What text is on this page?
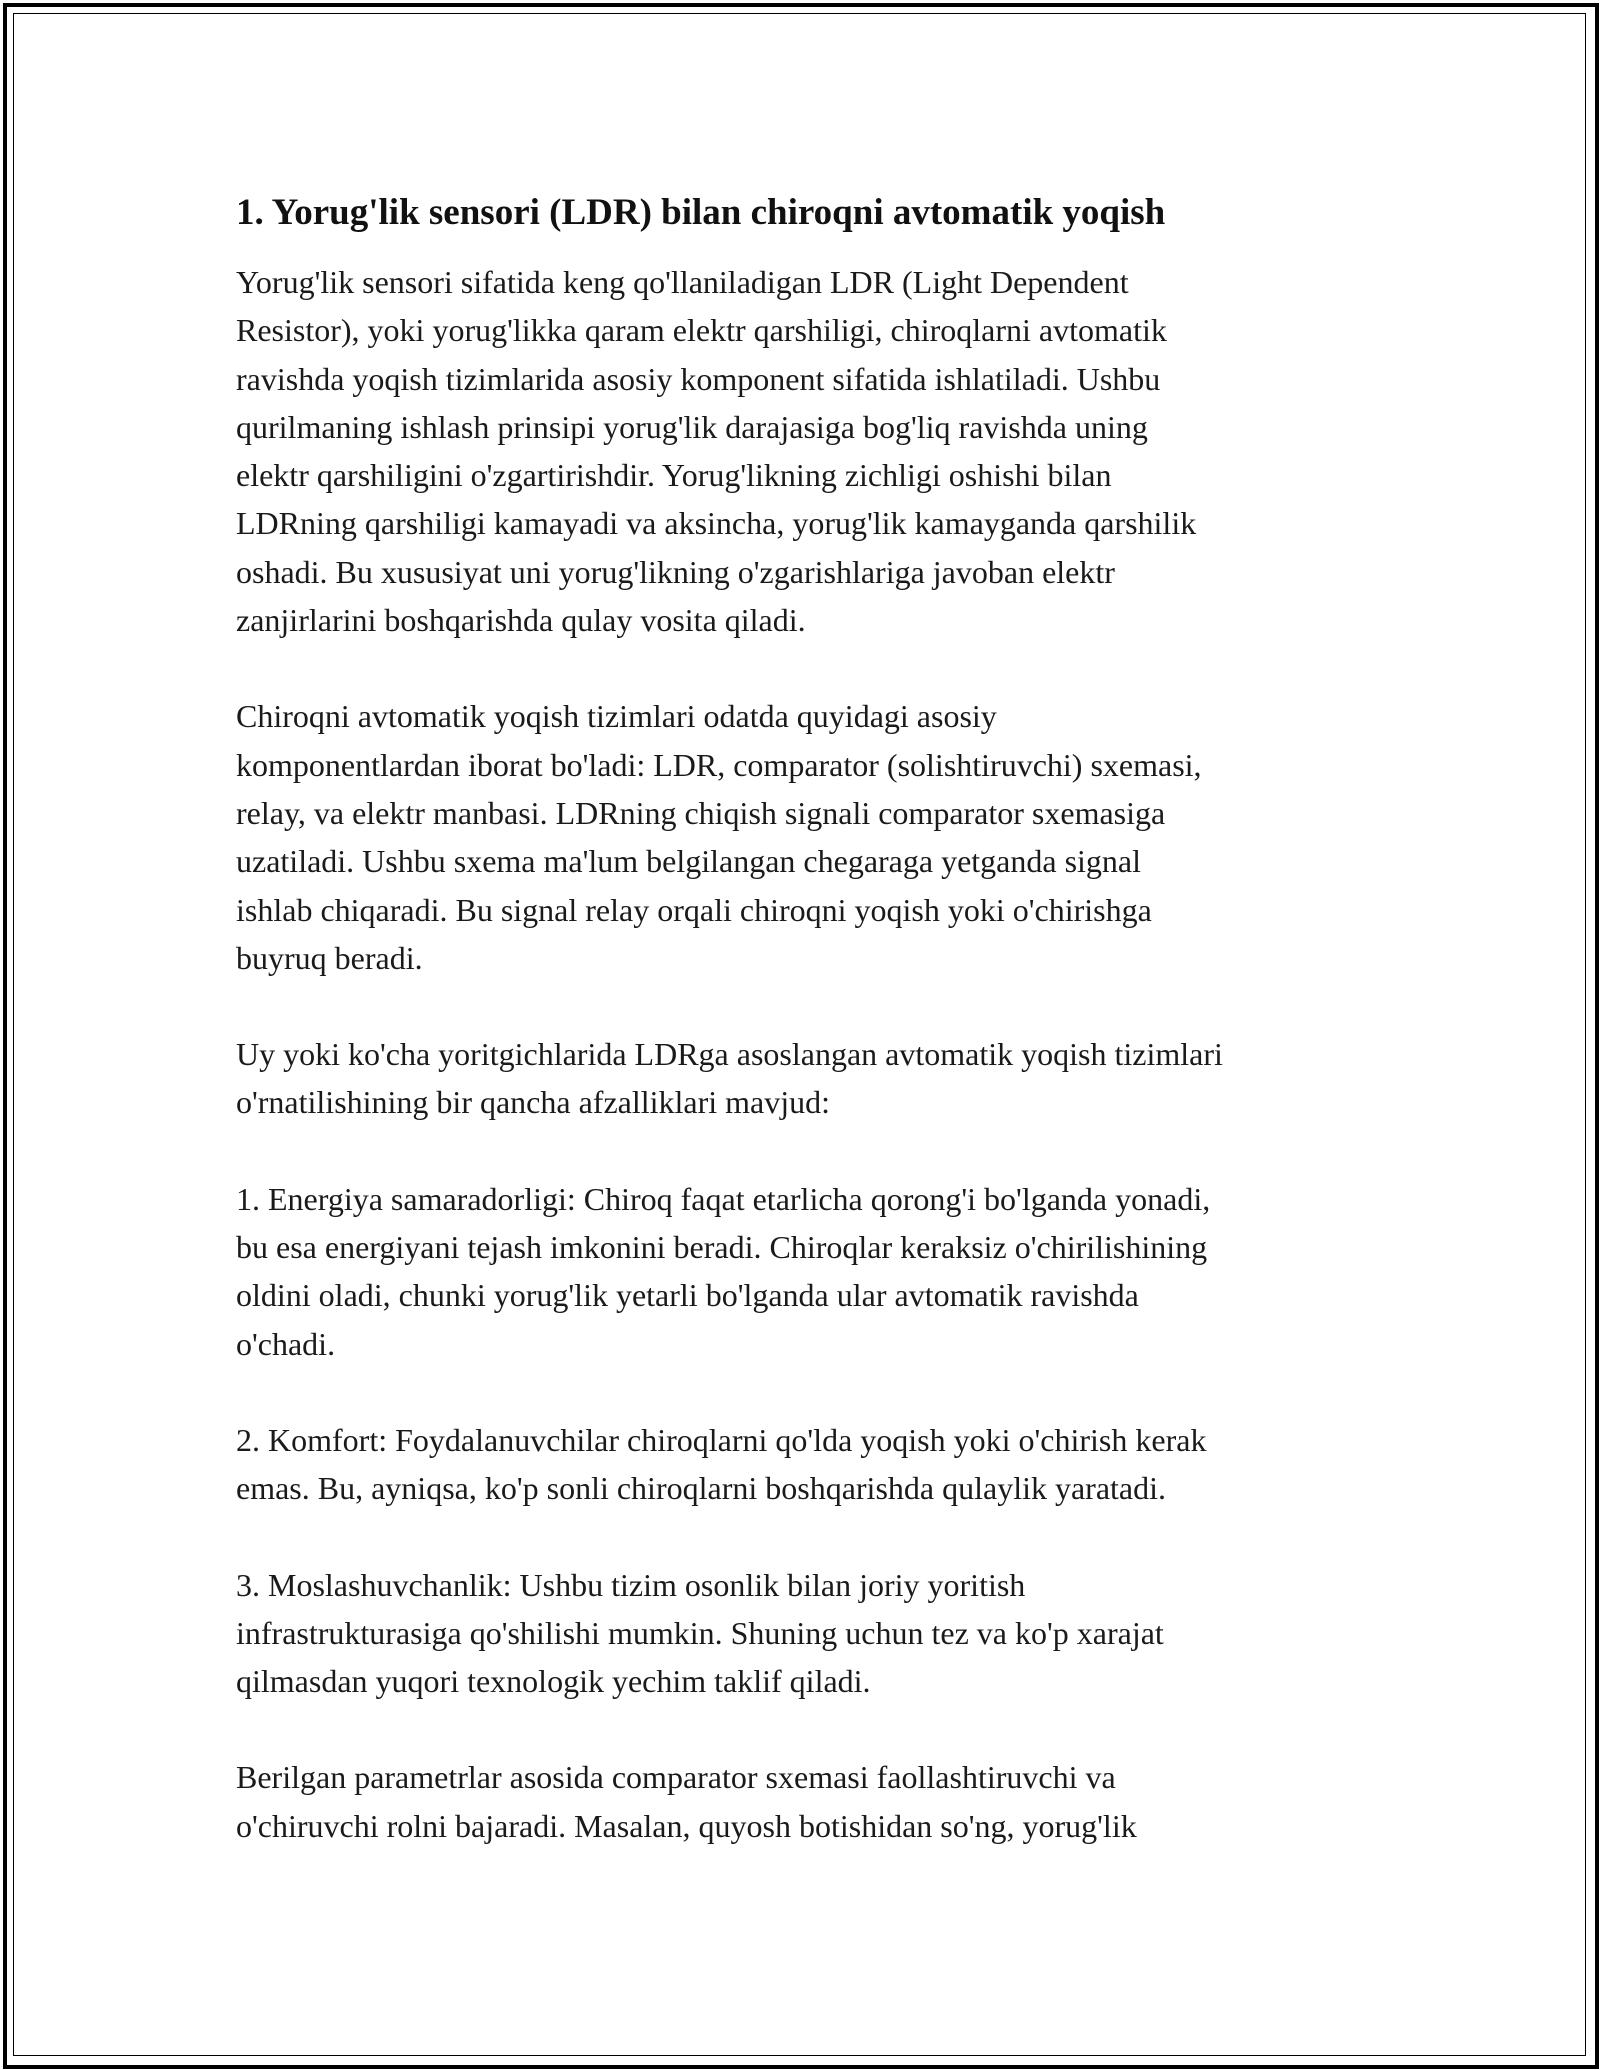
1. Yorug'lik sensori (LDR) bilan chiroqni avtomatik yoqish

Yorug'lik sensori sifatida keng qo'llaniladigan LDR (Light Dependent
Resistor), yoki yorug'likka qaram elektr qarshiligi, chiroqlarni avtomatik
ravishda yoqish tizimlarida asosiy komponent sifatida ishlatiladi. Ushbu
qurilmaning ishlash prinsipi yorug'lik darajasiga bog'liq ravishda uning
elektr qarshiligini o'zgartirishdir. Yorug'likning zichligi oshishi bilan
LDRning qarshiligi kamayadi va aksincha, yorug'lik kamayganda qarshilik
oshadi. Bu xususiyat uni yorug'likning o'zgarishlariga javoban elektr
zanjirlarini boshqarishda qulay vosita qiladi.

Chiroqni avtomatik yoqish tizimlari odatda quyidagi asosiy
komponentlardan iborat bo'ladi: LDR, comparator (solishtiruvchi) sxemasi,
relay, va elektr manbasi. LDRning chiqish signali comparator sxemasiga
uzatiladi. Ushbu sxema ma'lum belgilangan chegaraga yetganda signal
ishlab chiqaradi. Bu signal relay orqali chiroqni yoqish yoki o'chirishga
buyruq beradi.

Uy yoki ko'cha yoritgichlarida LDRga asoslangan avtomatik yoqish tizimlari
o'rnatilishining bir qancha afzalliklari mavjud:

1. Energiya samaradorligi: Chiroq faqat etarlicha qorong'i bo'lganda yonadi,
bu esa energiyani tejash imkonini beradi. Chiroqlar keraksiz o'chirilishining
oldini oladi, chunki yorug'lik yetarli bo'lganda ular avtomatik ravishda
o'chadi.

2. Komfort: Foydalanuvchilar chiroqlarni qo'lda yoqish yoki o'chirish kerak
emas. Bu, ayniqsa, ko'p sonli chiroqlarni boshqarishda qulaylik yaratadi.

3. Moslashuvchanlik: Ushbu tizim osonlik bilan joriy yoritish
infrastrukturasiga qo'shilishi mumkin. Shuning uchun tez va ko'p xarajat
qilmasdan yuqori texnologik yechim taklif qiladi.

Berilgan parametrlar asosida comparator sxemasi faollashtiruvchi va
o'chiruvchi rolni bajaradi. Masalan, quyosh botishidan so'ng, yorug'lik
